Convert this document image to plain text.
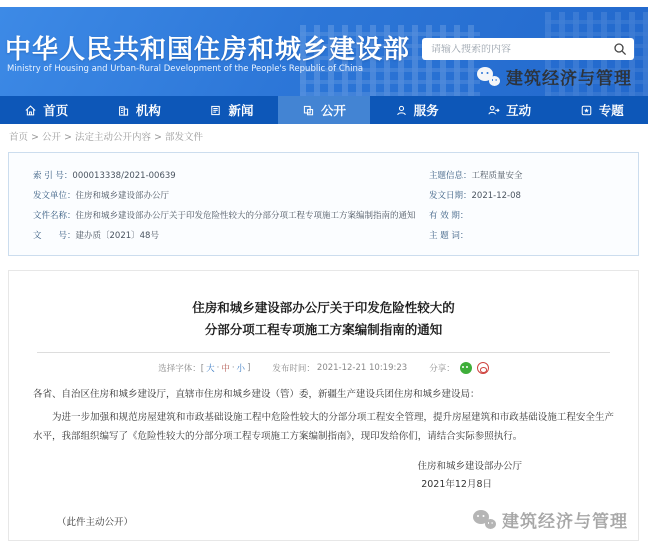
中华人民共和国住房和城乡建设部
Ministry of Housing and Urban-Rural Development of the People's Republic of China
请输入搜索的内容	建筑经济与管理
首页	机构	新闻	公开	服务	互动	专题
首页 > 公开 > 法定主动公开内容 > 部发文件
索 引 号：000013338/2021-00639
发文单位：住房和城乡建设部办公厅
文件名称：住房和城乡建设部办公厅关于印发危险性较大的分部分项工程专项施工方案编制指南的通知
文　　号：建办质〔2021〕48号
主题信息：工程质量安全
发文日期：2021-12-08
有 效 期：
主 题 词：
住房和城乡建设部办公厅关于印发危险性较大的
分部分项工程专项施工方案编制指南的通知
选择字体：[ 大 · 中 · 小 ]	发布时间： 2021-12-21 10:19:23	分享：
各省、自治区住房和城乡建设厅，直辖市住房和城乡建设（管）委，新疆生产建设兵团住房和城乡建设局：
为进一步加强和规范房屋建筑和市政基础设施工程中危险性较大的分部分项工程安全管理，提升房屋建筑和市政基础设施工程安全生产水平，我部组织编写了《危险性较大的分部分项工程专项施工方案编制指南》，现印发给你们，请结合实际参照执行。
住房和城乡建设部办公厅
2021年12月8日
（此件主动公开）	建筑经济与管理
